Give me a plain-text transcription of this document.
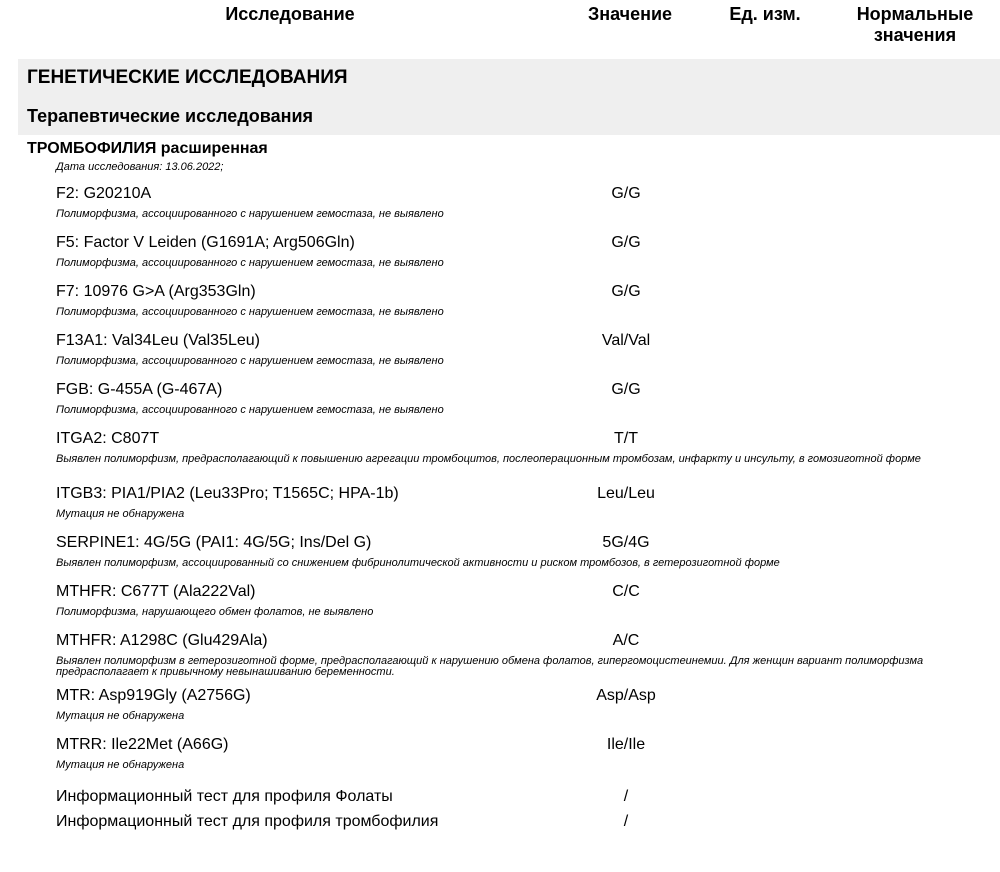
Исследование	Значение	Ед. изм.	Нормальные
значения
ГЕНЕТИЧЕСКИЕ ИССЛЕДОВАНИЯ
Терапевтические исследования
ТРОМБОФИЛИЯ расширенная
Дата исследования: 13.06.2022;
F2: G20210A	G/G
Полиморфизма, ассоциированного с нарушением гемостаза, не выявлено
F5: Factor V Leiden (G1691A; Arg506Gln)	G/G
Полиморфизма, ассоциированного с нарушением гемостаза, не выявлено
F7: 10976 G>A (Arg353Gln)	G/G
Полиморфизма, ассоциированного с нарушением гемостаза, не выявлено
F13A1: Val34Leu (Val35Leu)	Val/Val
Полиморфизма, ассоциированного с нарушением гемостаза, не выявлено
FGB: G-455A (G-467A)	G/G
Полиморфизма, ассоциированного с нарушением гемостаза, не выявлено
ITGA2: C807T	T/T
Выявлен полиморфизм, предрасполагающий к повышению агрегации тромбоцитов, послеоперационным тромбозам, инфаркту и инсульту, в гомозиготной форме
ITGB3: PIA1/PIA2 (Leu33Pro; T1565C; HPA-1b)	Leu/Leu
Мутация не обнаружена
SERPINE1: 4G/5G (PAI1: 4G/5G; Ins/Del G)	5G/4G
Выявлен полиморфизм, ассоциированный со снижением фибринолитической активности и риском тромбозов, в гетерозиготной форме
MTHFR: C677T (Ala222Val)	C/C
Полиморфизма, нарушающего обмен фолатов, не выявлено
MTHFR: A1298C (Glu429Ala)	A/C
Выявлен полиморфизм в гетерозиготной форме, предрасполагающий к нарушению обмена фолатов, гипергомоцистеинемии. Для женщин вариант полиморфизма предрасполагает к привычному невынашиванию беременности.
MTR: Asp919Gly (A2756G)	Asp/Asp
Мутация не обнаружена
MTRR: Ile22Met (A66G)	Ile/Ile
Мутация не обнаружена
Информационный тест для профиля Фолаты	/
Информационный тест для профиля тромбофилия	/
